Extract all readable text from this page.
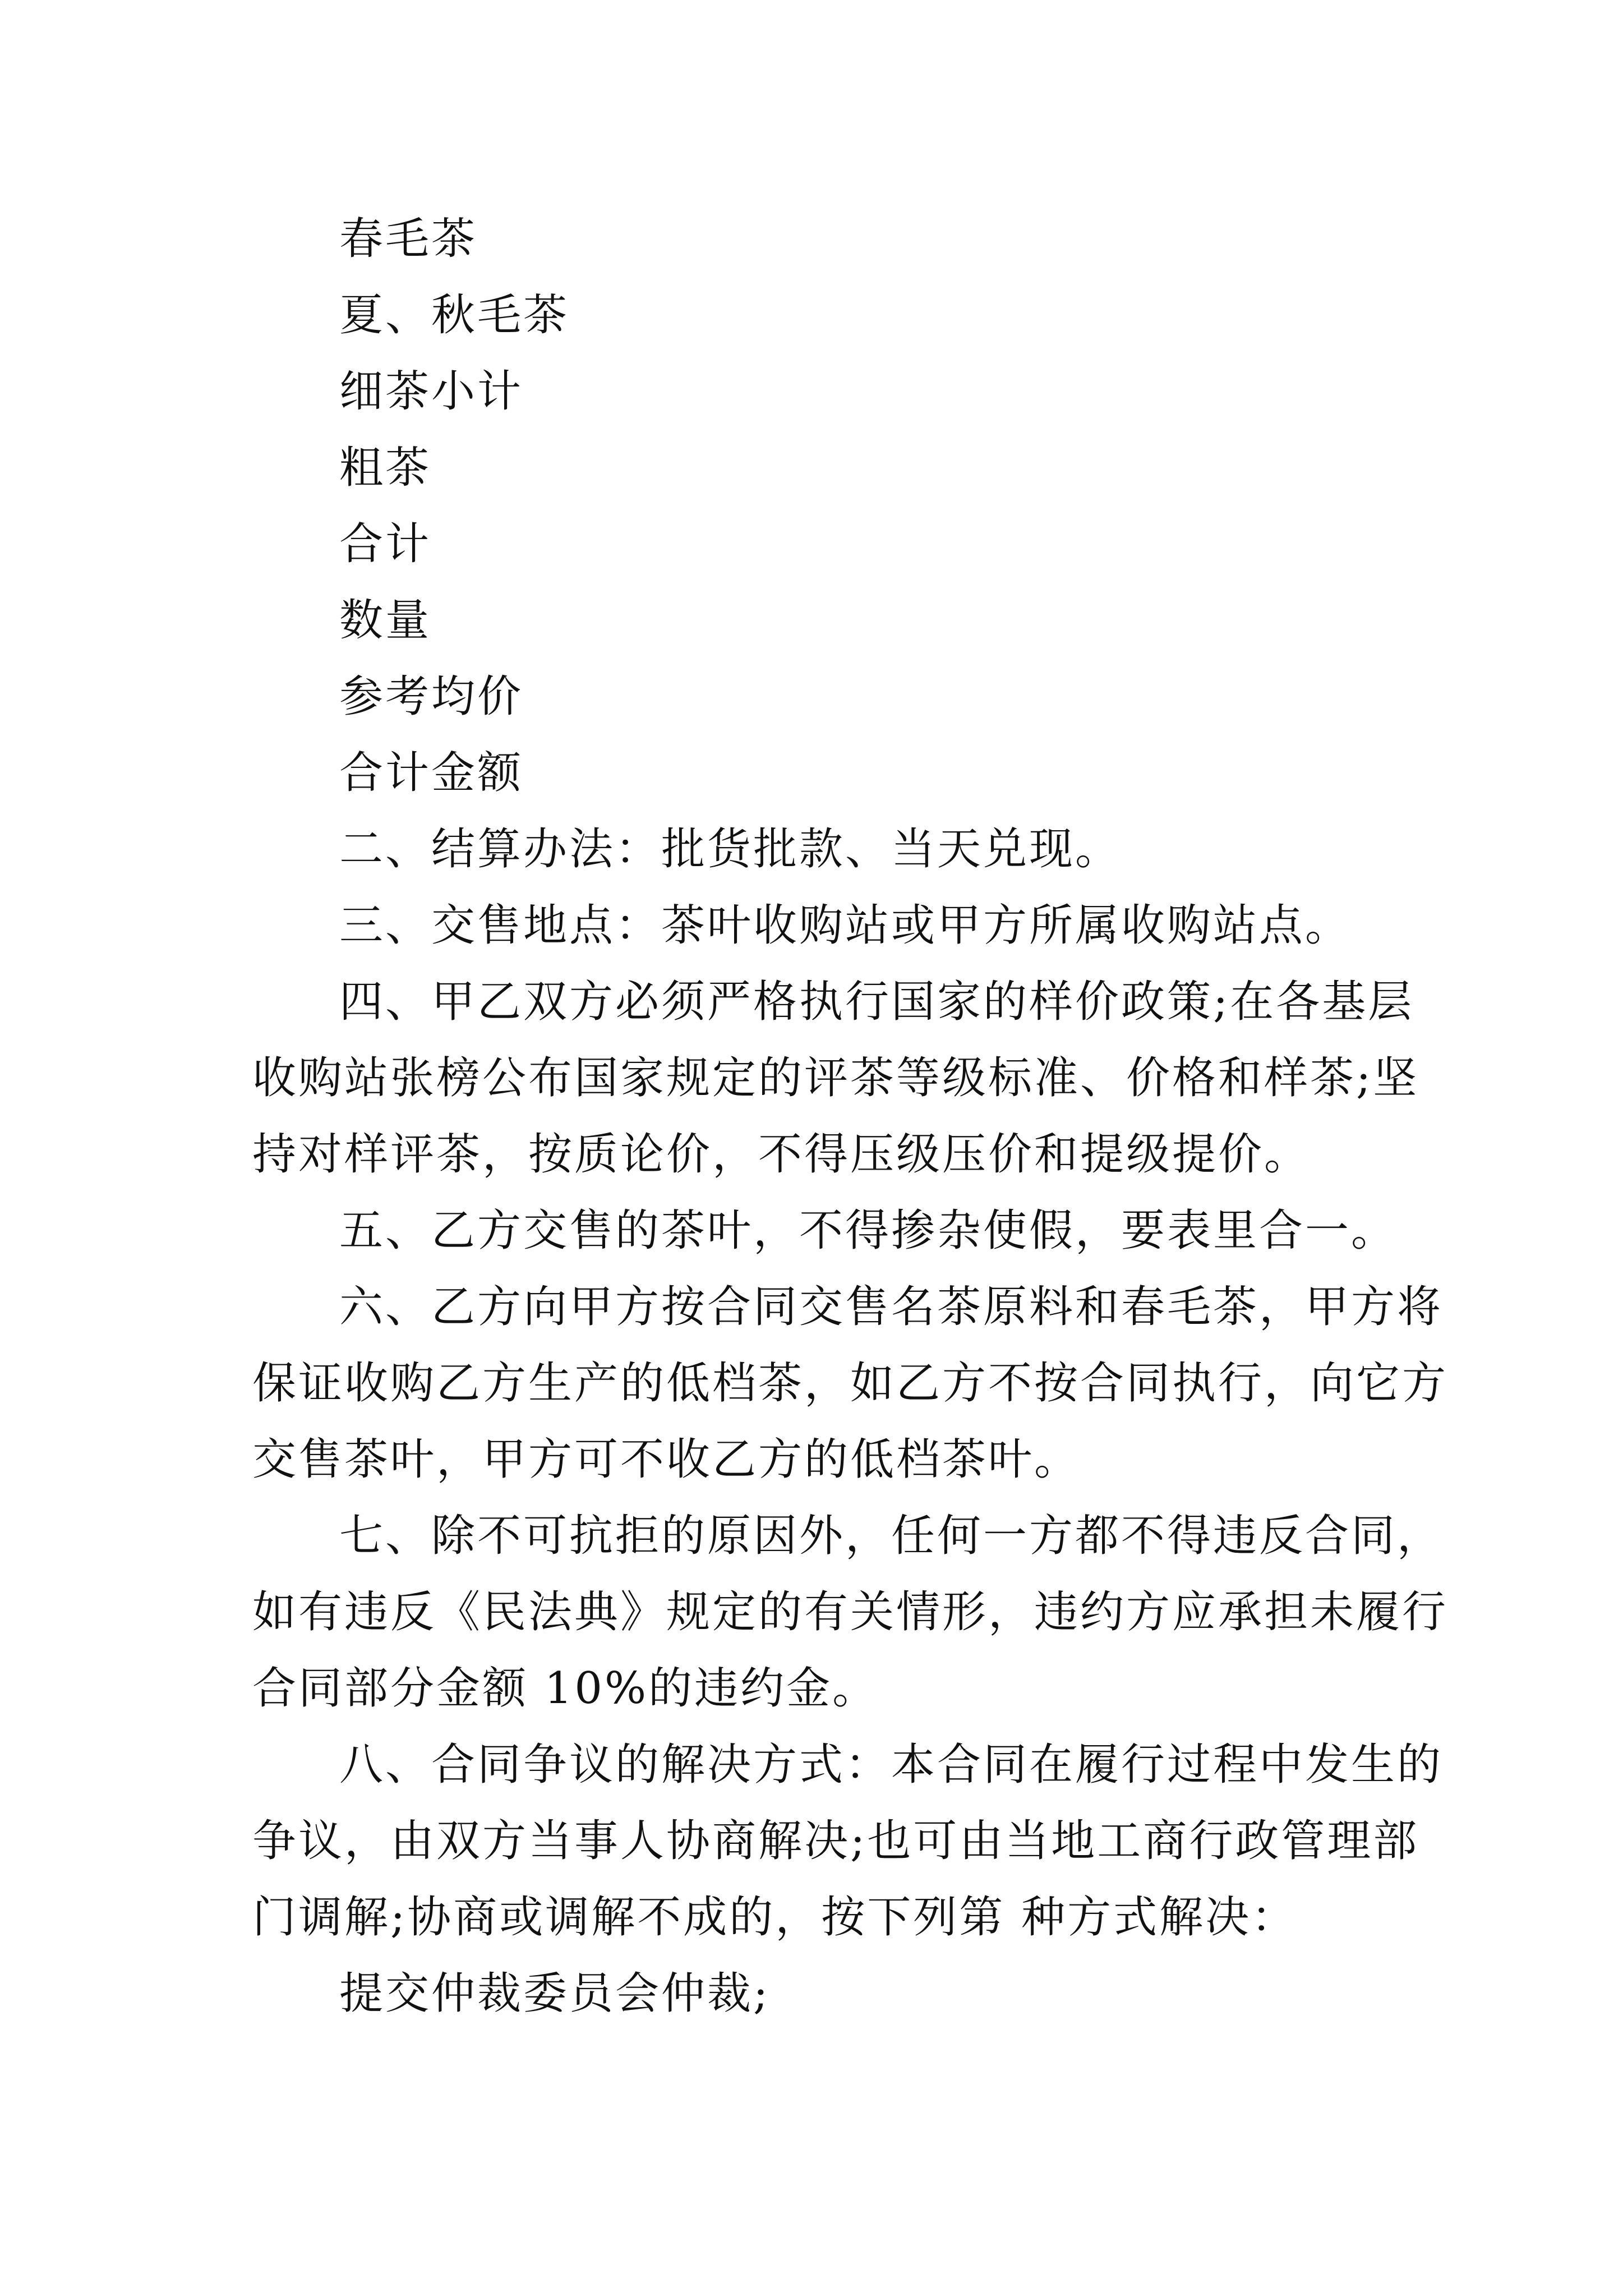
春毛茶
夏、秋毛茶
细茶小计
粗茶
合计
数量
参考均价
合计金额
二、结算办法：批货批款、当天兑现。
三、交售地点：茶叶收购站或甲方所属收购站点。
四、甲乙双方必须严格执行国家的样价政策;在各基层
收购站张榜公布国家规定的评茶等级标准、价格和样茶;坚
持对样评茶，按质论价，不得压级压价和提级提价。
五、乙方交售的茶叶，不得掺杂使假，要表里合一。
六、乙方向甲方按合同交售名茶原料和春毛茶，甲方将
保证收购乙方生产的低档茶，如乙方不按合同执行，向它方
交售茶叶，甲方可不收乙方的低档茶叶。
七、除不可抗拒的原因外，任何一方都不得违反合同，
如有违反《民法典》规定的有关情形，违约方应承担未履行
合同部分金额 10%的违约金。
八、合同争议的解决方式：本合同在履行过程中发生的
争议，由双方当事人协商解决;也可由当地工商行政管理部
门调解;协商或调解不成的，按下列第 种方式解决：
提交仲裁委员会仲裁;
